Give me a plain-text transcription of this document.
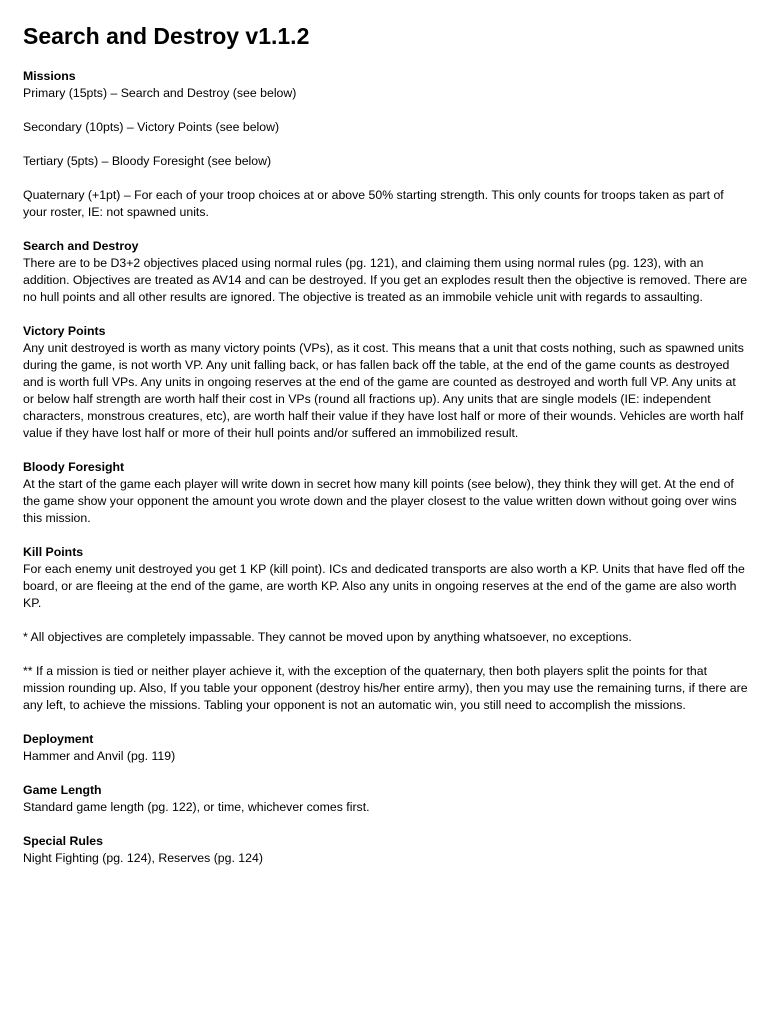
Search and Destroy v1.1.2
Missions
Primary (15pts) – Search and Destroy (see below)
Secondary (10pts) – Victory Points (see below)
Tertiary (5pts) – Bloody Foresight (see below)
Quaternary (+1pt) – For each of your troop choices at or above 50% starting strength. This only counts for troops taken as part of your roster, IE: not spawned units.
Search and Destroy
There are to be D3+2 objectives placed using normal rules (pg. 121), and claiming them using normal rules (pg. 123), with an addition. Objectives are treated as AV14 and can be destroyed. If you get an explodes result then the objective is removed. There are no hull points and all other results are ignored. The objective is treated as an immobile vehicle unit with regards to assaulting.
Victory Points
Any unit destroyed is worth as many victory points (VPs), as it cost. This means that a unit that costs nothing, such as spawned units during the game, is not worth VP. Any unit falling back, or has fallen back off the table, at the end of the game counts as destroyed and is worth full VPs. Any units in ongoing reserves at the end of the game are counted as destroyed and worth full VP. Any units at or below half strength are worth half their cost in VPs (round all fractions up). Any units that are single models (IE: independent characters, monstrous creatures, etc), are worth half their value if they have lost half or more of their wounds. Vehicles are worth half value if they have lost half or more of their hull points and/or suffered an immobilized result.
Bloody Foresight
At the start of the game each player will write down in secret how many kill points (see below), they think they will get. At the end of the game show your opponent the amount you wrote down and the player closest to the value written down without going over wins this mission.
Kill Points
For each enemy unit destroyed you get 1 KP (kill point). ICs and dedicated transports are also worth a KP. Units that have fled off the board, or are fleeing at the end of the game, are worth KP. Also any units in ongoing reserves at the end of the game are also worth KP.
* All objectives are completely impassable. They cannot be moved upon by anything whatsoever, no exceptions.
** If a mission is tied or neither player achieve it, with the exception of the quaternary, then both players split the points for that mission rounding up. Also, If you table your opponent (destroy his/her entire army), then you may use the remaining turns, if there are any left, to achieve the missions. Tabling your opponent is not an automatic win, you still need to accomplish the missions.
Deployment
Hammer and Anvil (pg. 119)
Game Length
Standard game length (pg. 122), or time, whichever comes first.
Special Rules
Night Fighting (pg. 124), Reserves (pg. 124)
